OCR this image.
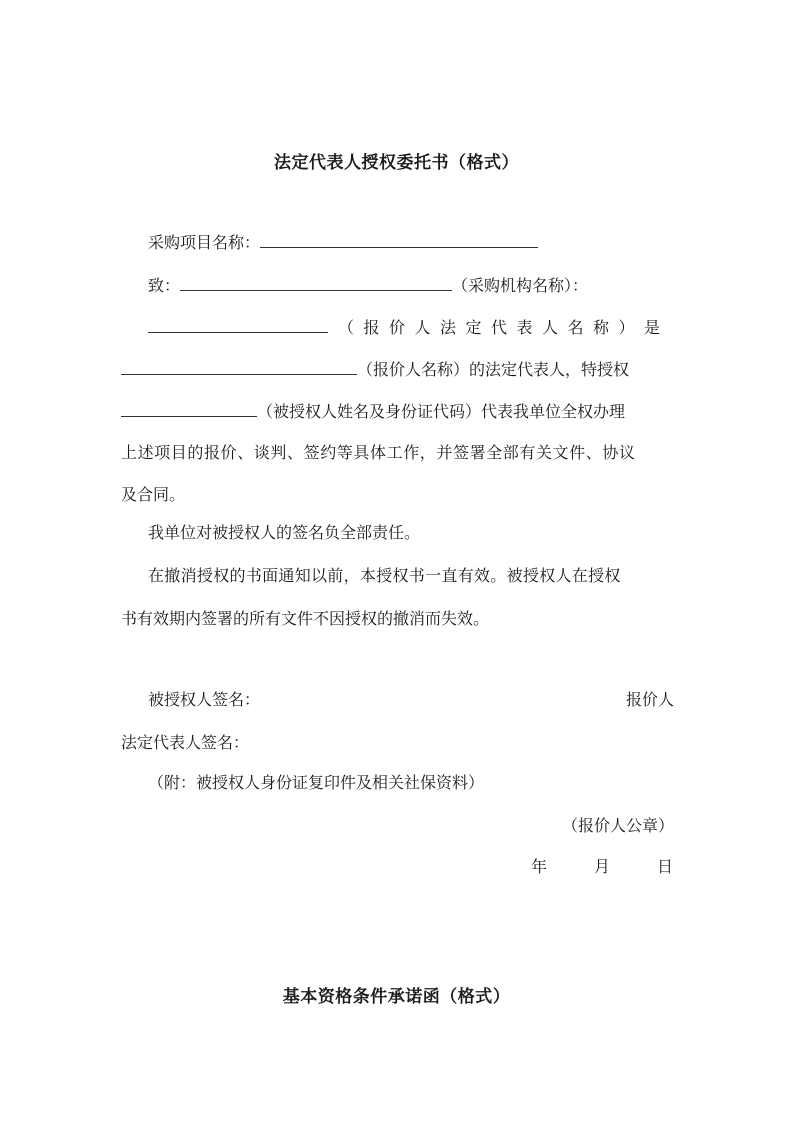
法定代表人授权委托书（格式）
采购项目名称：
致：	（采购机构名称）：
（报价人法定代表人名称）是
（报价人名称）的法定代表人，特授权
（被授权人姓名及身份证代码）代表我单位全权办理
上述项目的报价、谈判、签约等具体工作，并签署全部有关文件、协议
及合同。
我单位对被授权人的签名负全部责任。
在撤消授权的书面通知以前，本授权书一直有效。被授权人在授权
书有效期内签署的所有文件不因授权的撤消而失效。
被授权人签名：	报价人
法定代表人签名：
（附：被授权人身份证复印件及相关社保资料）
（报价人公章）
年	月	日
基本资格条件承诺函（格式）
